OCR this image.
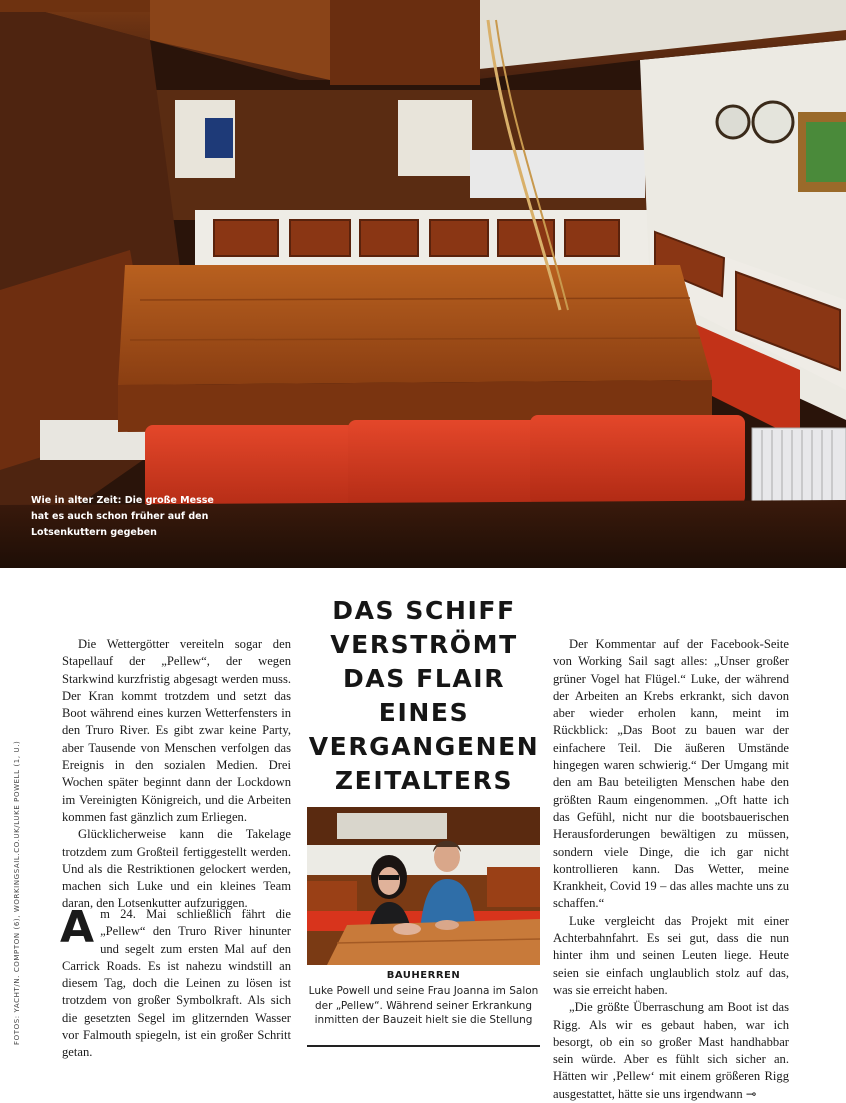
Wie in alter Zeit: Die große Messe hat es auch schon früher auf den Lotsenkuttern gegeben
FOTOS: YACHT/N. COMPTON (6), WORKINGSAIL.CO.UK/LUKE POWELL (1, U.)

Die Wettergötter vereiteln sogar den Stapellauf der „Pellew“, der wegen Starkwind kurzfristig abgesagt werden muss. Der Kran kommt trotzdem und setzt das Boot während eines kurzen Wetterfensters in den Truro River. Es gibt zwar keine Party, aber Tausende von Menschen verfolgen das Ereignis in den sozialen Medien. Drei Wochen später beginnt dann der Lockdown im Vereinigten Königreich, und die Arbeiten kommen fast gänzlich zum Erliegen.

Glücklicherweise kann die Takelage trotzdem zum Großteil fertiggestellt werden. Und als die Restriktionen gelockert werden, machen sich Luke und ein kleines Team daran, den Lotsenkutter aufzuriggen.

A m 24. Mai schließlich fährt die „Pellew“ den Truro River hinunter und segelt zum ersten Mal auf den Carrick Roads. Es ist nahezu windstill an diesem Tag, doch die Leinen zu lösen ist trotzdem von großer Symbolkraft. Als sich die gesetzten Segel im glitzernden Wasser vor Falmouth spiegeln, ist ein großer Schritt getan.

DAS SCHIFF VERSTRÖMT DAS FLAIR EINES VERGANGENEN ZEITALTERS
BAUHERREN
Luke Powell und seine Frau Joanna im Salon der „Pellew“. Während seiner Erkrankung inmitten der Bauzeit hielt sie die Stellung

Der Kommentar auf der Facebook-Seite von Working Sail sagt alles: „Unser großer grüner Vogel hat Flügel.“ Luke, der während der Arbeiten an Krebs erkrankt, sich davon aber wieder erholen kann, meint im Rückblick: „Das Boot zu bauen war der einfachere Teil. Die äußeren Umstände hingegen waren schwierig.“ Der Umgang mit den am Bau beteiligten Menschen habe den größten Raum eingenommen. „Oft hatte ich das Gefühl, nicht nur die bootsbauerischen Herausforderungen bewältigen zu müssen, sondern viele Dinge, die ich gar nicht kontrollieren kann. Das Wetter, meine Krankheit, Covid 19 – das alles machte uns zu schaffen.“

Luke vergleicht das Projekt mit einer Achterbahnfahrt. Es sei gut, dass die nun hinter ihm und seinen Leuten liege. Heute seien sie einfach unglaublich stolz auf das, was sie erreicht haben.

„Die größte Überraschung am Boot ist das Rigg. Als wir es gebaut haben, war ich besorgt, ob ein so großer Mast handhabbar sein würde. Aber es fühlt sich sicher an. Hätten wir ‚Pellew‘ mit einem größeren Rigg ausgestattet, hätte sie uns irgendwann ⊸
